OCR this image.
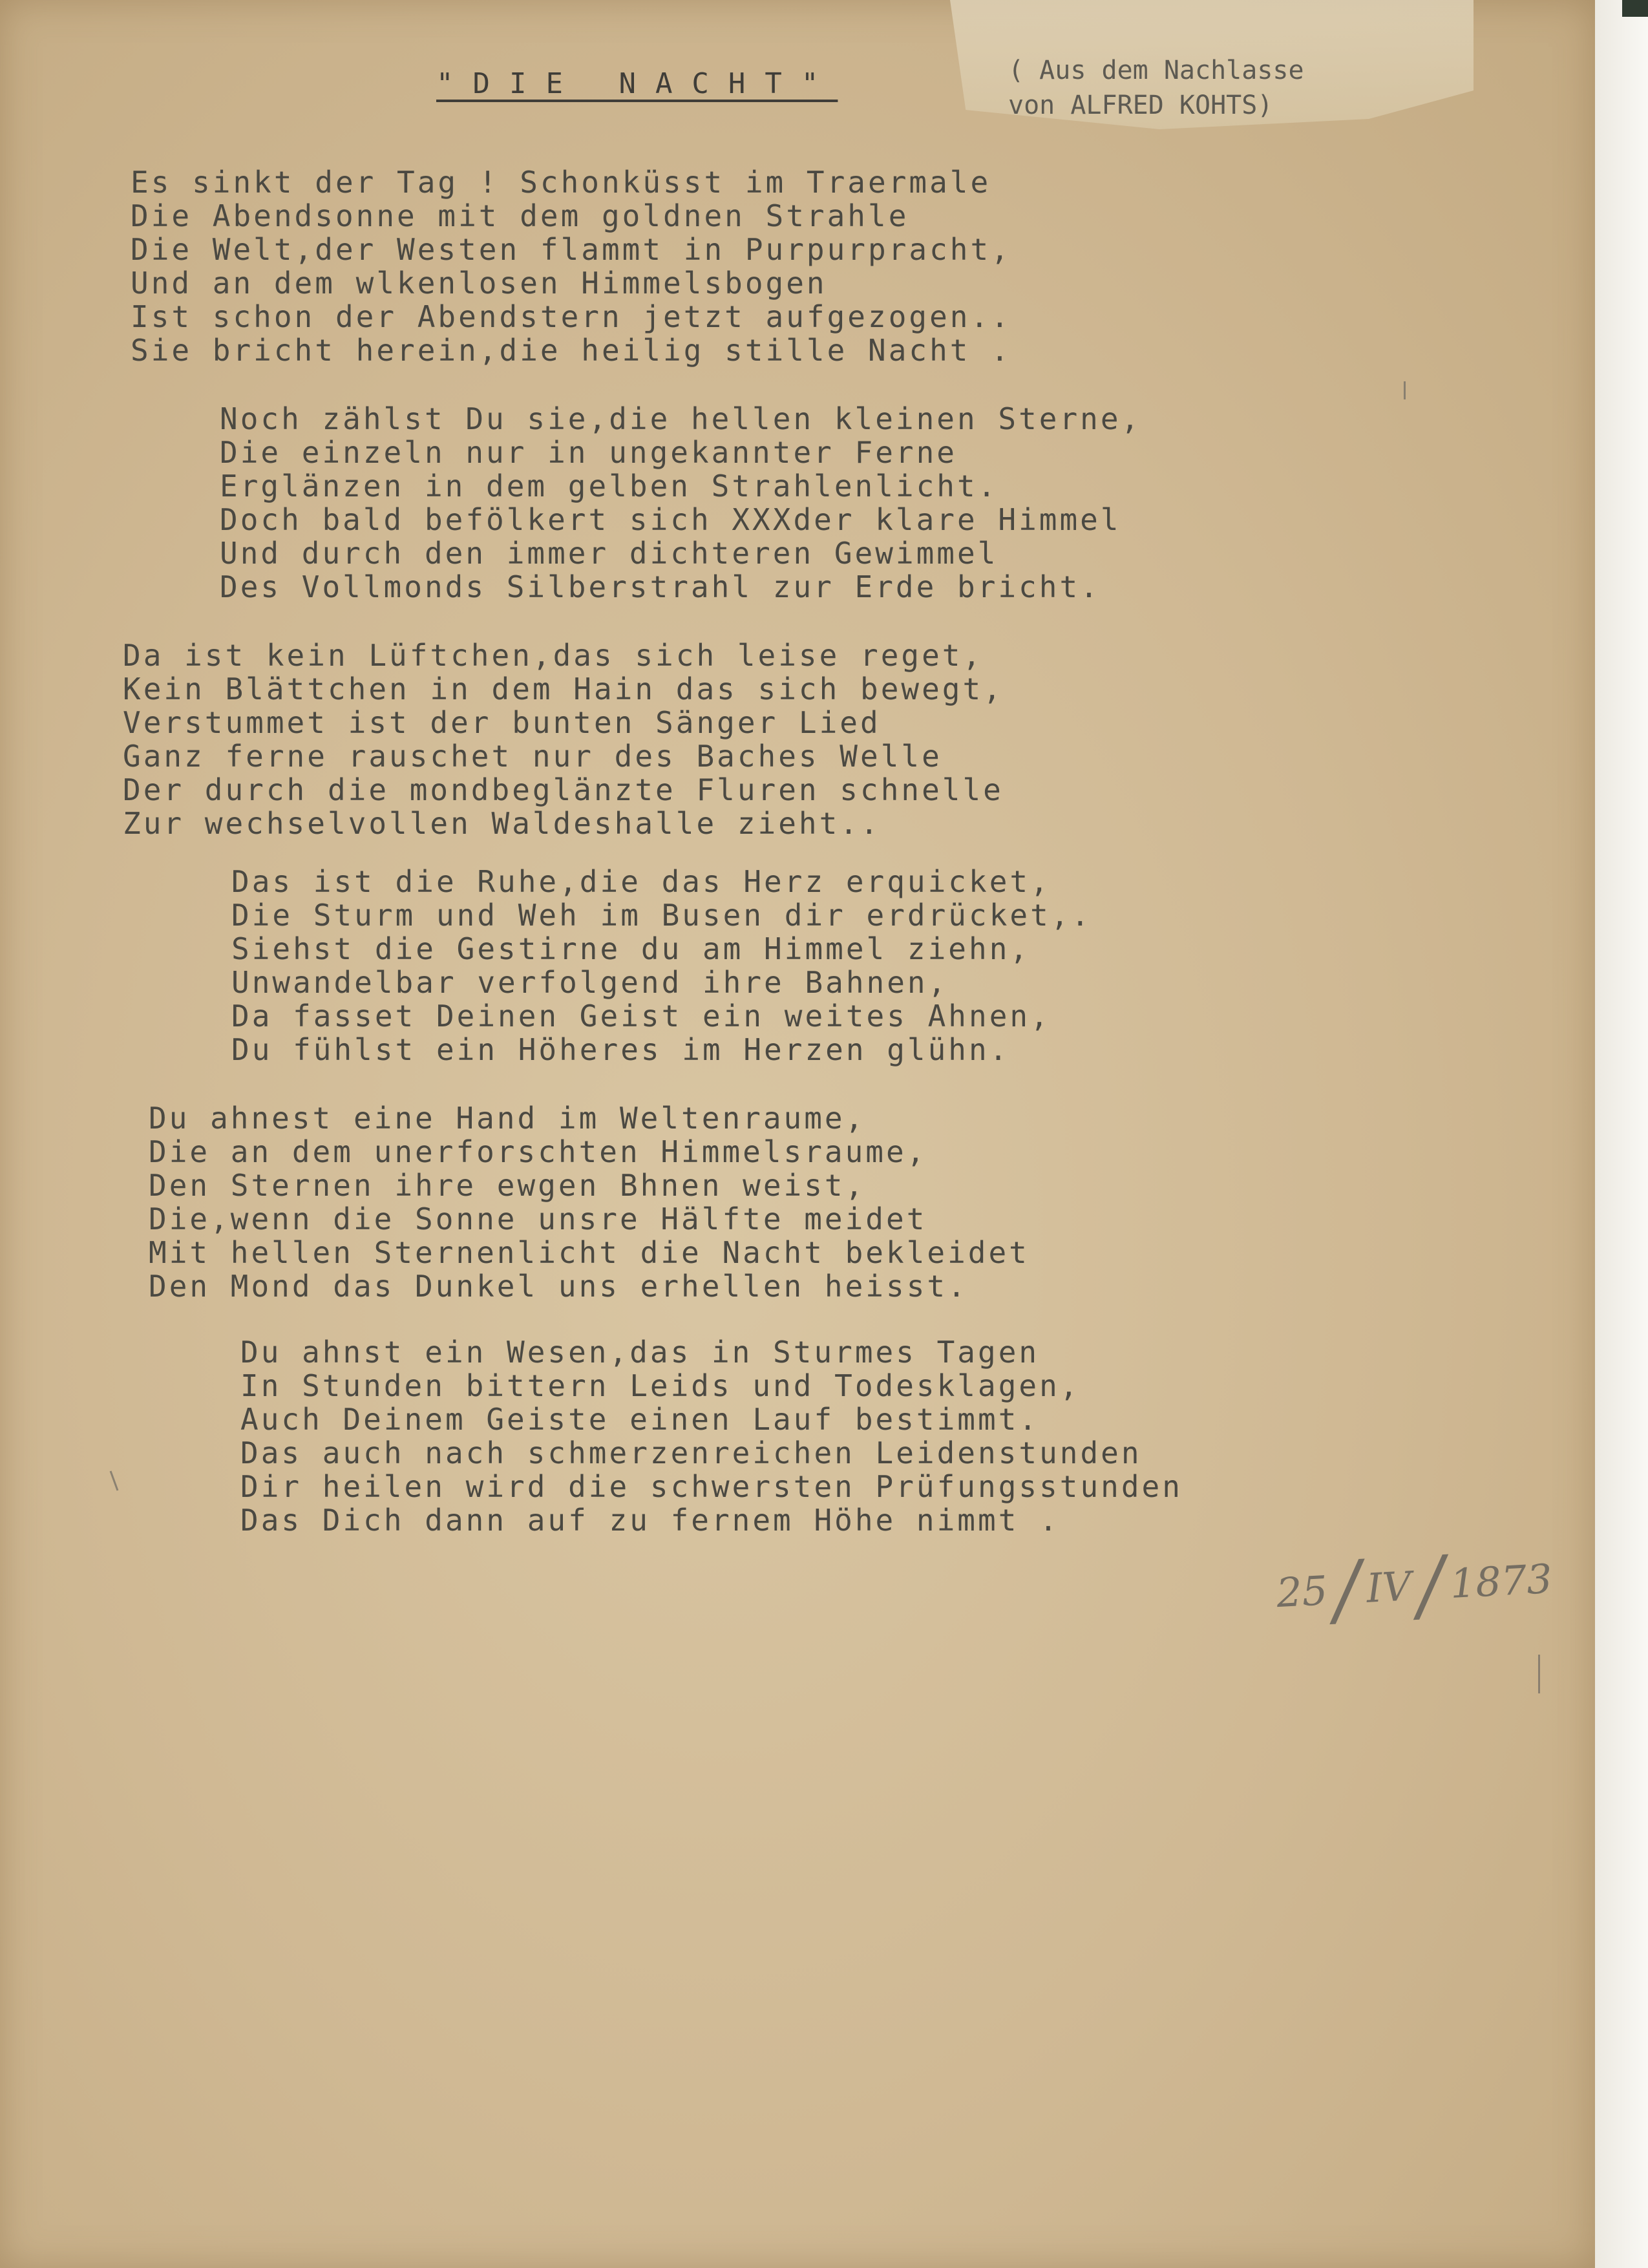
"DIE NACHT"	( Aus dem Nachlasse
von ALFRED KOHTS)

Es sinkt der Tag ! Schonküsst im Traermale

Die Abendsonne mit dem goldnen Strahle

Die Welt,der Westen flammt in Purpurpracht,

Und an dem wlkenlosen Himmelsbogen

Ist schon der Abendstern jetzt aufgezogen..

Sie bricht herein,die heilig stille Nacht .

Noch zählst Du sie,die hellen kleinen Sterne,

Die einzeln nur in ungekannter Ferne

Erglänzen in dem gelben Strahlenlicht.

Doch bald befölkert sich XXXder klare Himmel

Und durch den immer dichteren Gewimmel

Des Vollmonds Silberstrahl zur Erde bricht.

Da ist kein Lüftchen,das sich leise reget,

Kein Blättchen in dem Hain das sich bewegt,

Verstummet ist der bunten Sänger Lied

Ganz ferne rauschet nur des Baches Welle

Der durch die mondbeglänzte Fluren schnelle

Zur wechselvollen Waldeshalle zieht..

Das ist die Ruhe,die das Herz erquicket,

Die Sturm und Weh im Busen dir erdrücket,.

Siehst die Gestirne du am Himmel ziehn,

Unwandelbar verfolgend ihre Bahnen,

Da fasset Deinen Geist ein weites Ahnen,

Du fühlst ein Höheres im Herzen glühn.

Du ahnest eine Hand im Weltenraume,

Die an dem unerforschten Himmelsraume,

Den Sternen ihre ewgen Bhnen weist,

Die,wenn die Sonne unsre Hälfte meidet

Mit hellen Sternenlicht die Nacht bekleidet

Den Mond das Dunkel uns erhellen heisst.

Du ahnst ein Wesen,das in Sturmes Tagen

In Stunden bittern Leids und Todesklagen,

Auch Deinem Geiste einen Lauf bestimmt.

Das auch nach schmerzenreichen Leidenstunden

Dir heilen wird die schwersten Prüfungsstunden

Das Dich dann auf zu fernem Höhe nimmt .

25/IV/1873
